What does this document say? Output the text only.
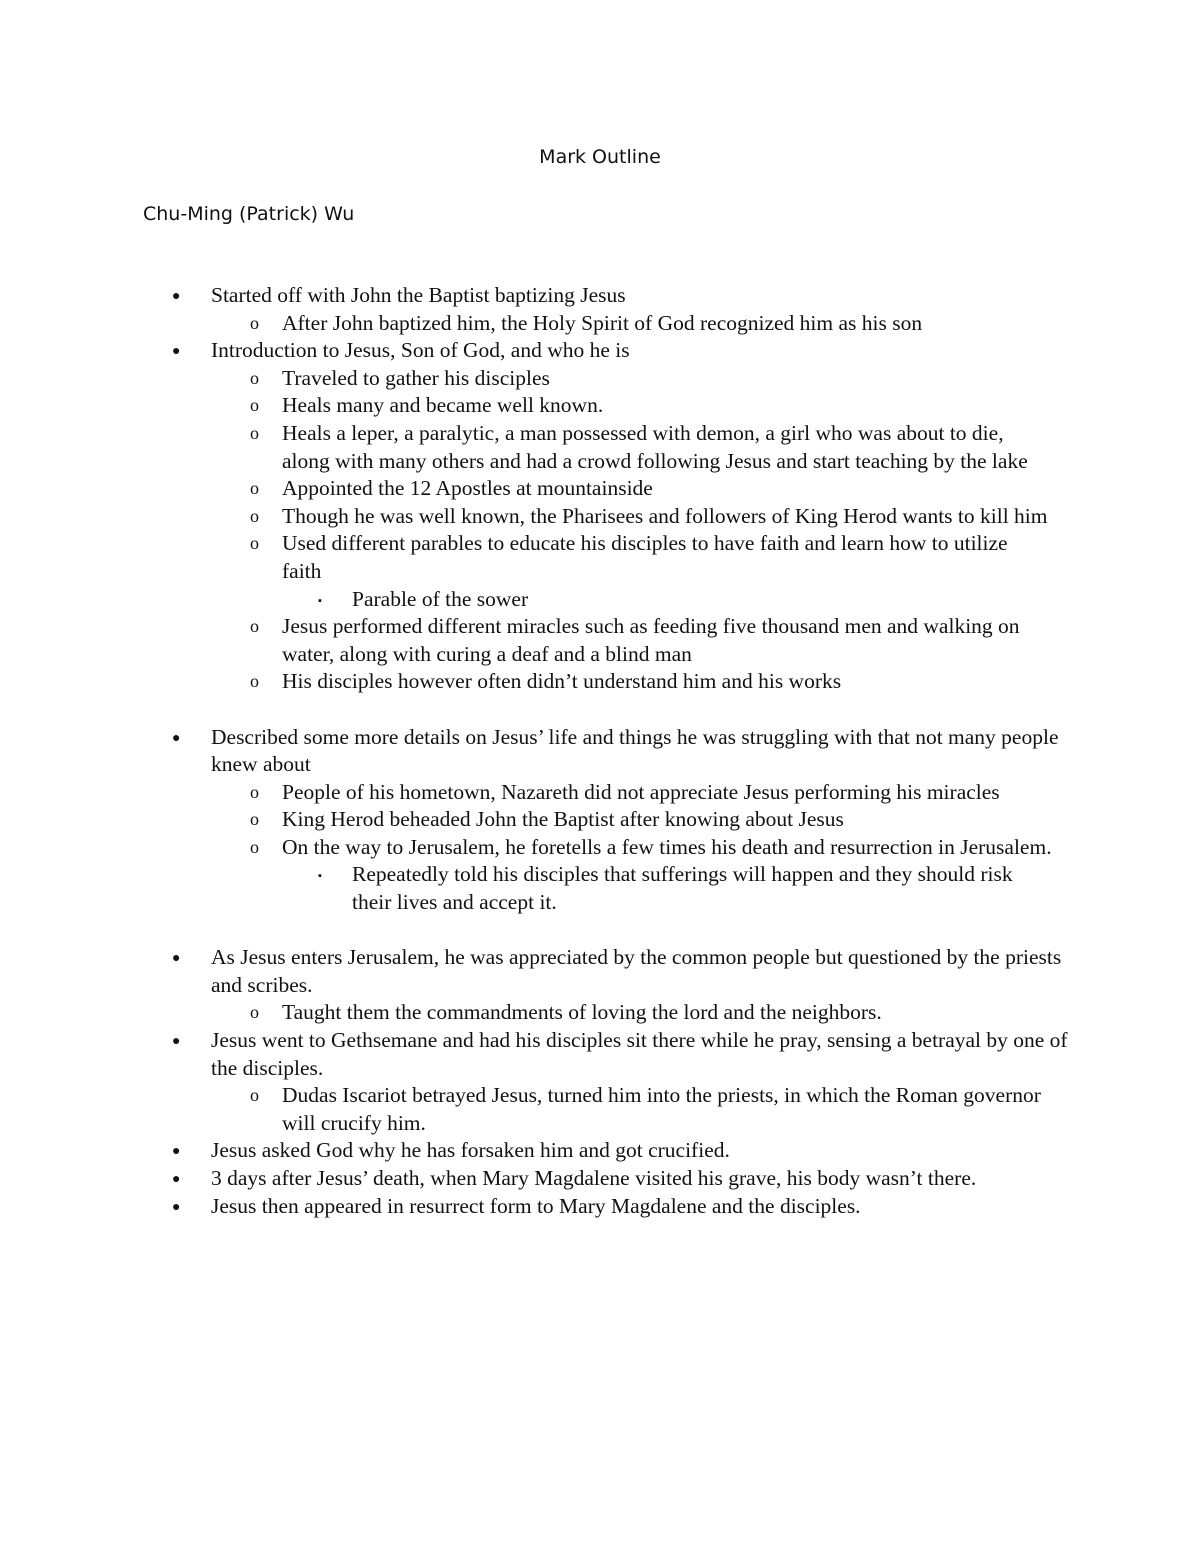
Mark Outline
Chu-Ming (Patrick) Wu
● Started off with John the Baptist baptizing Jesus
o After John baptized him, the Holy Spirit of God recognized him as his son
● Introduction to Jesus, Son of God, and who he is
o Traveled to gather his disciples
o Heals many and became well known.
o Heals a leper, a paralytic, a man possessed with demon, a girl who was about to die, along with many others and had a crowd following Jesus and start teaching by the lake
o Appointed the 12 Apostles at mountainside
o Though he was well known, the Pharisees and followers of King Herod wants to kill him
o Used different parables to educate his disciples to have faith and learn how to utilize faith
▪ Parable of the sower
o Jesus performed different miracles such as feeding five thousand men and walking on water, along with curing a deaf and a blind man
o His disciples however often didn’t understand him and his works
● Described some more details on Jesus’ life and things he was struggling with that not many people knew about
o People of his hometown, Nazareth did not appreciate Jesus performing his miracles
o King Herod beheaded John the Baptist after knowing about Jesus
o On the way to Jerusalem, he foretells a few times his death and resurrection in Jerusalem.
▪ Repeatedly told his disciples that sufferings will happen and they should risk their lives and accept it.
● As Jesus enters Jerusalem, he was appreciated by the common people but questioned by the priests and scribes.
o Taught them the commandments of loving the lord and the neighbors.
● Jesus went to Gethsemane and had his disciples sit there while he pray, sensing a betrayal by one of the disciples.
o Dudas Iscariot betrayed Jesus, turned him into the priests, in which the Roman governor will crucify him.
● Jesus asked God why he has forsaken him and got crucified.
● 3 days after Jesus’ death, when Mary Magdalene visited his grave, his body wasn’t there.
● Jesus then appeared in resurrect form to Mary Magdalene and the disciples.
